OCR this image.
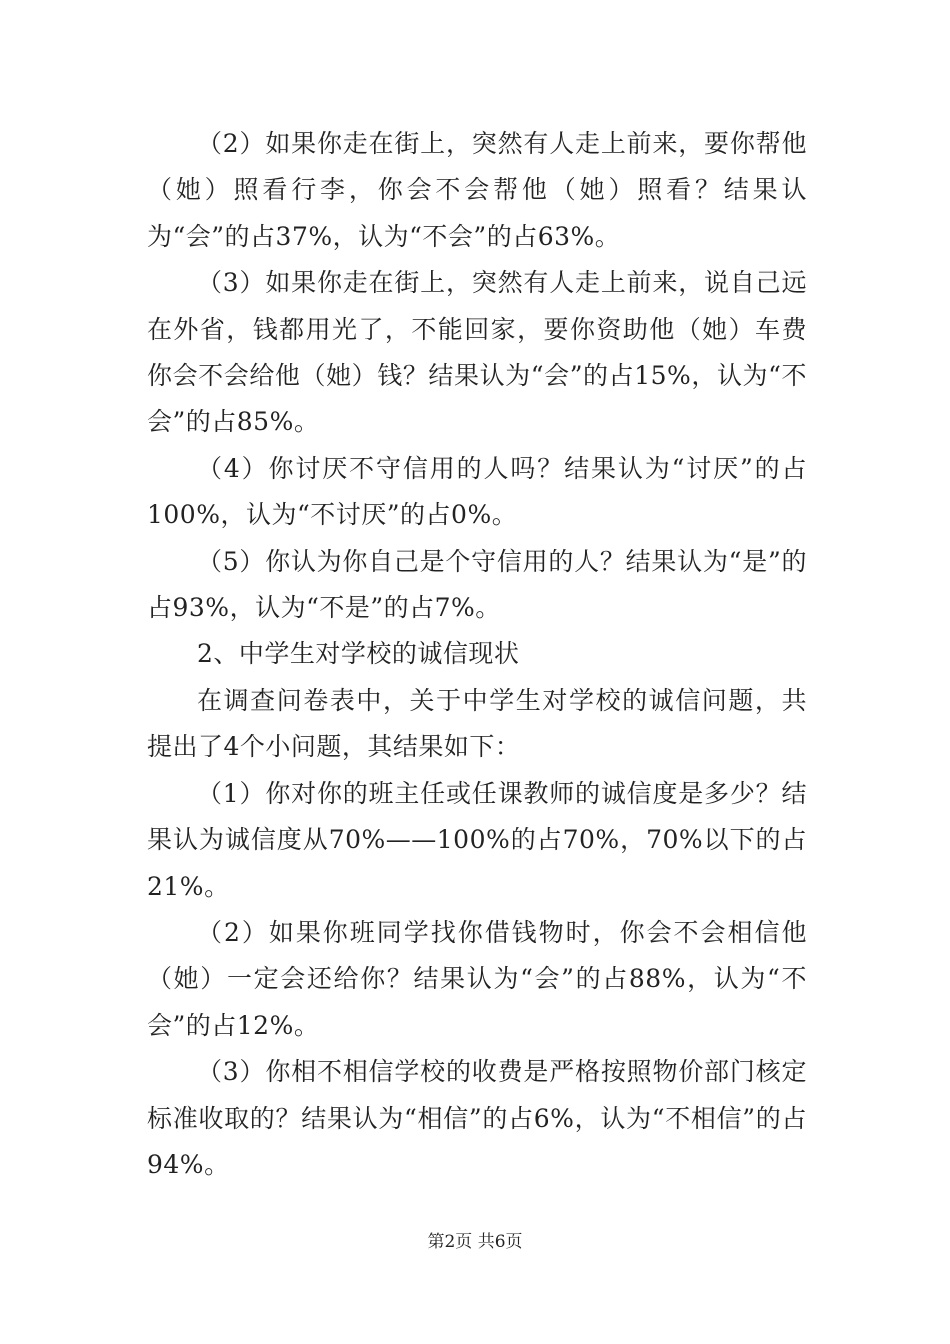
（2）如果你走在街上，突然有人走上前来，要你帮他（她）照看行李，你会不会帮他（她）照看？结果认为“会”的占37%，认为“不会”的占63%。

（3）如果你走在街上，突然有人走上前来，说自己远在外省，钱都用光了，不能回家，要你资助他（她）车费你会不会给他（她）钱？结果认为“会”的占15%，认为“不会”的占85%。

（4）你讨厌不守信用的人吗？结果认为“讨厌”的占100%，认为“不讨厌”的占0%。

（5）你认为你自己是个守信用的人？结果认为“是”的占93%，认为“不是”的占7%。

2、中学生对学校的诚信现状

在调查问卷表中，关于中学生对学校的诚信问题，共提出了4个小问题，其结果如下：

（1）你对你的班主任或任课教师的诚信度是多少？结果认为诚信度从70%——100%的占70%，70%以下的占21%。

（2）如果你班同学找你借钱物时，你会不会相信他（她）一定会还给你？结果认为“会”的占88%，认为“不会”的占12%。

（3）你相不相信学校的收费是严格按照物价部门核定标准收取的？结果认为“相信”的占6%，认为“不相信”的占94%。

第2页 共6页
